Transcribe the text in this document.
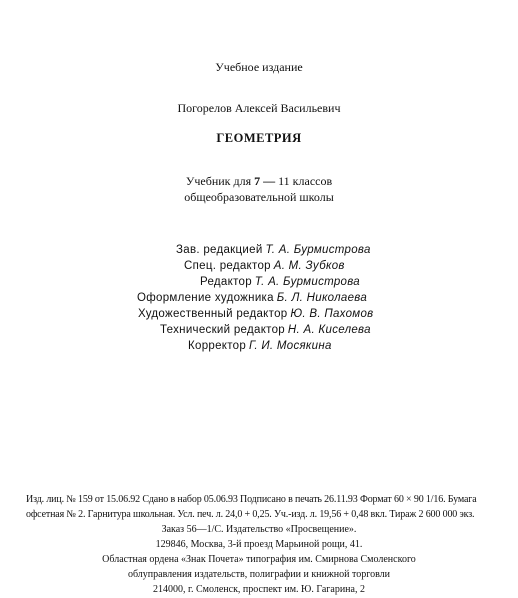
Учебное издание
Погорелов Алексей Васильевич
ГЕОМЕТРИЯ
Учебник для 7 — 11 классов
общеобразовательной школы
Зав. редакцией Т. А. Бурмистрова
Спец. редактор А. М. Зубков
Редактор Т. А. Бурмистрова
Оформление художника Б. Л. Николаева
Художественный редактор Ю. В. Пахомов
Технический редактор Н. А. Киселева
Корректор Г. И. Мосякина
Изд. лиц. № 159 от 15.06.92 Сдано в набор 05.06.93 Подписано в печать 26.11.93 Формат 60 × 90 1/16. Бумага
офсетная № 2. Гарнитура школьная. Усл. печ. л. 24,0 + 0,25. Уч.-изд. л. 19,56 + 0,48 вкл. Тираж 2 600 000 экз.
Заказ 56—1/С. Издательство «Просвещение».
129846, Москва, 3-й проезд Марьиной рощи, 41.
Областная ордена «Знак Почета» типография им. Смирнова Смоленского
облуправления издательств, полиграфии и книжной торговли
214000, г. Смоленск, проспект им. Ю. Гагарина, 2
